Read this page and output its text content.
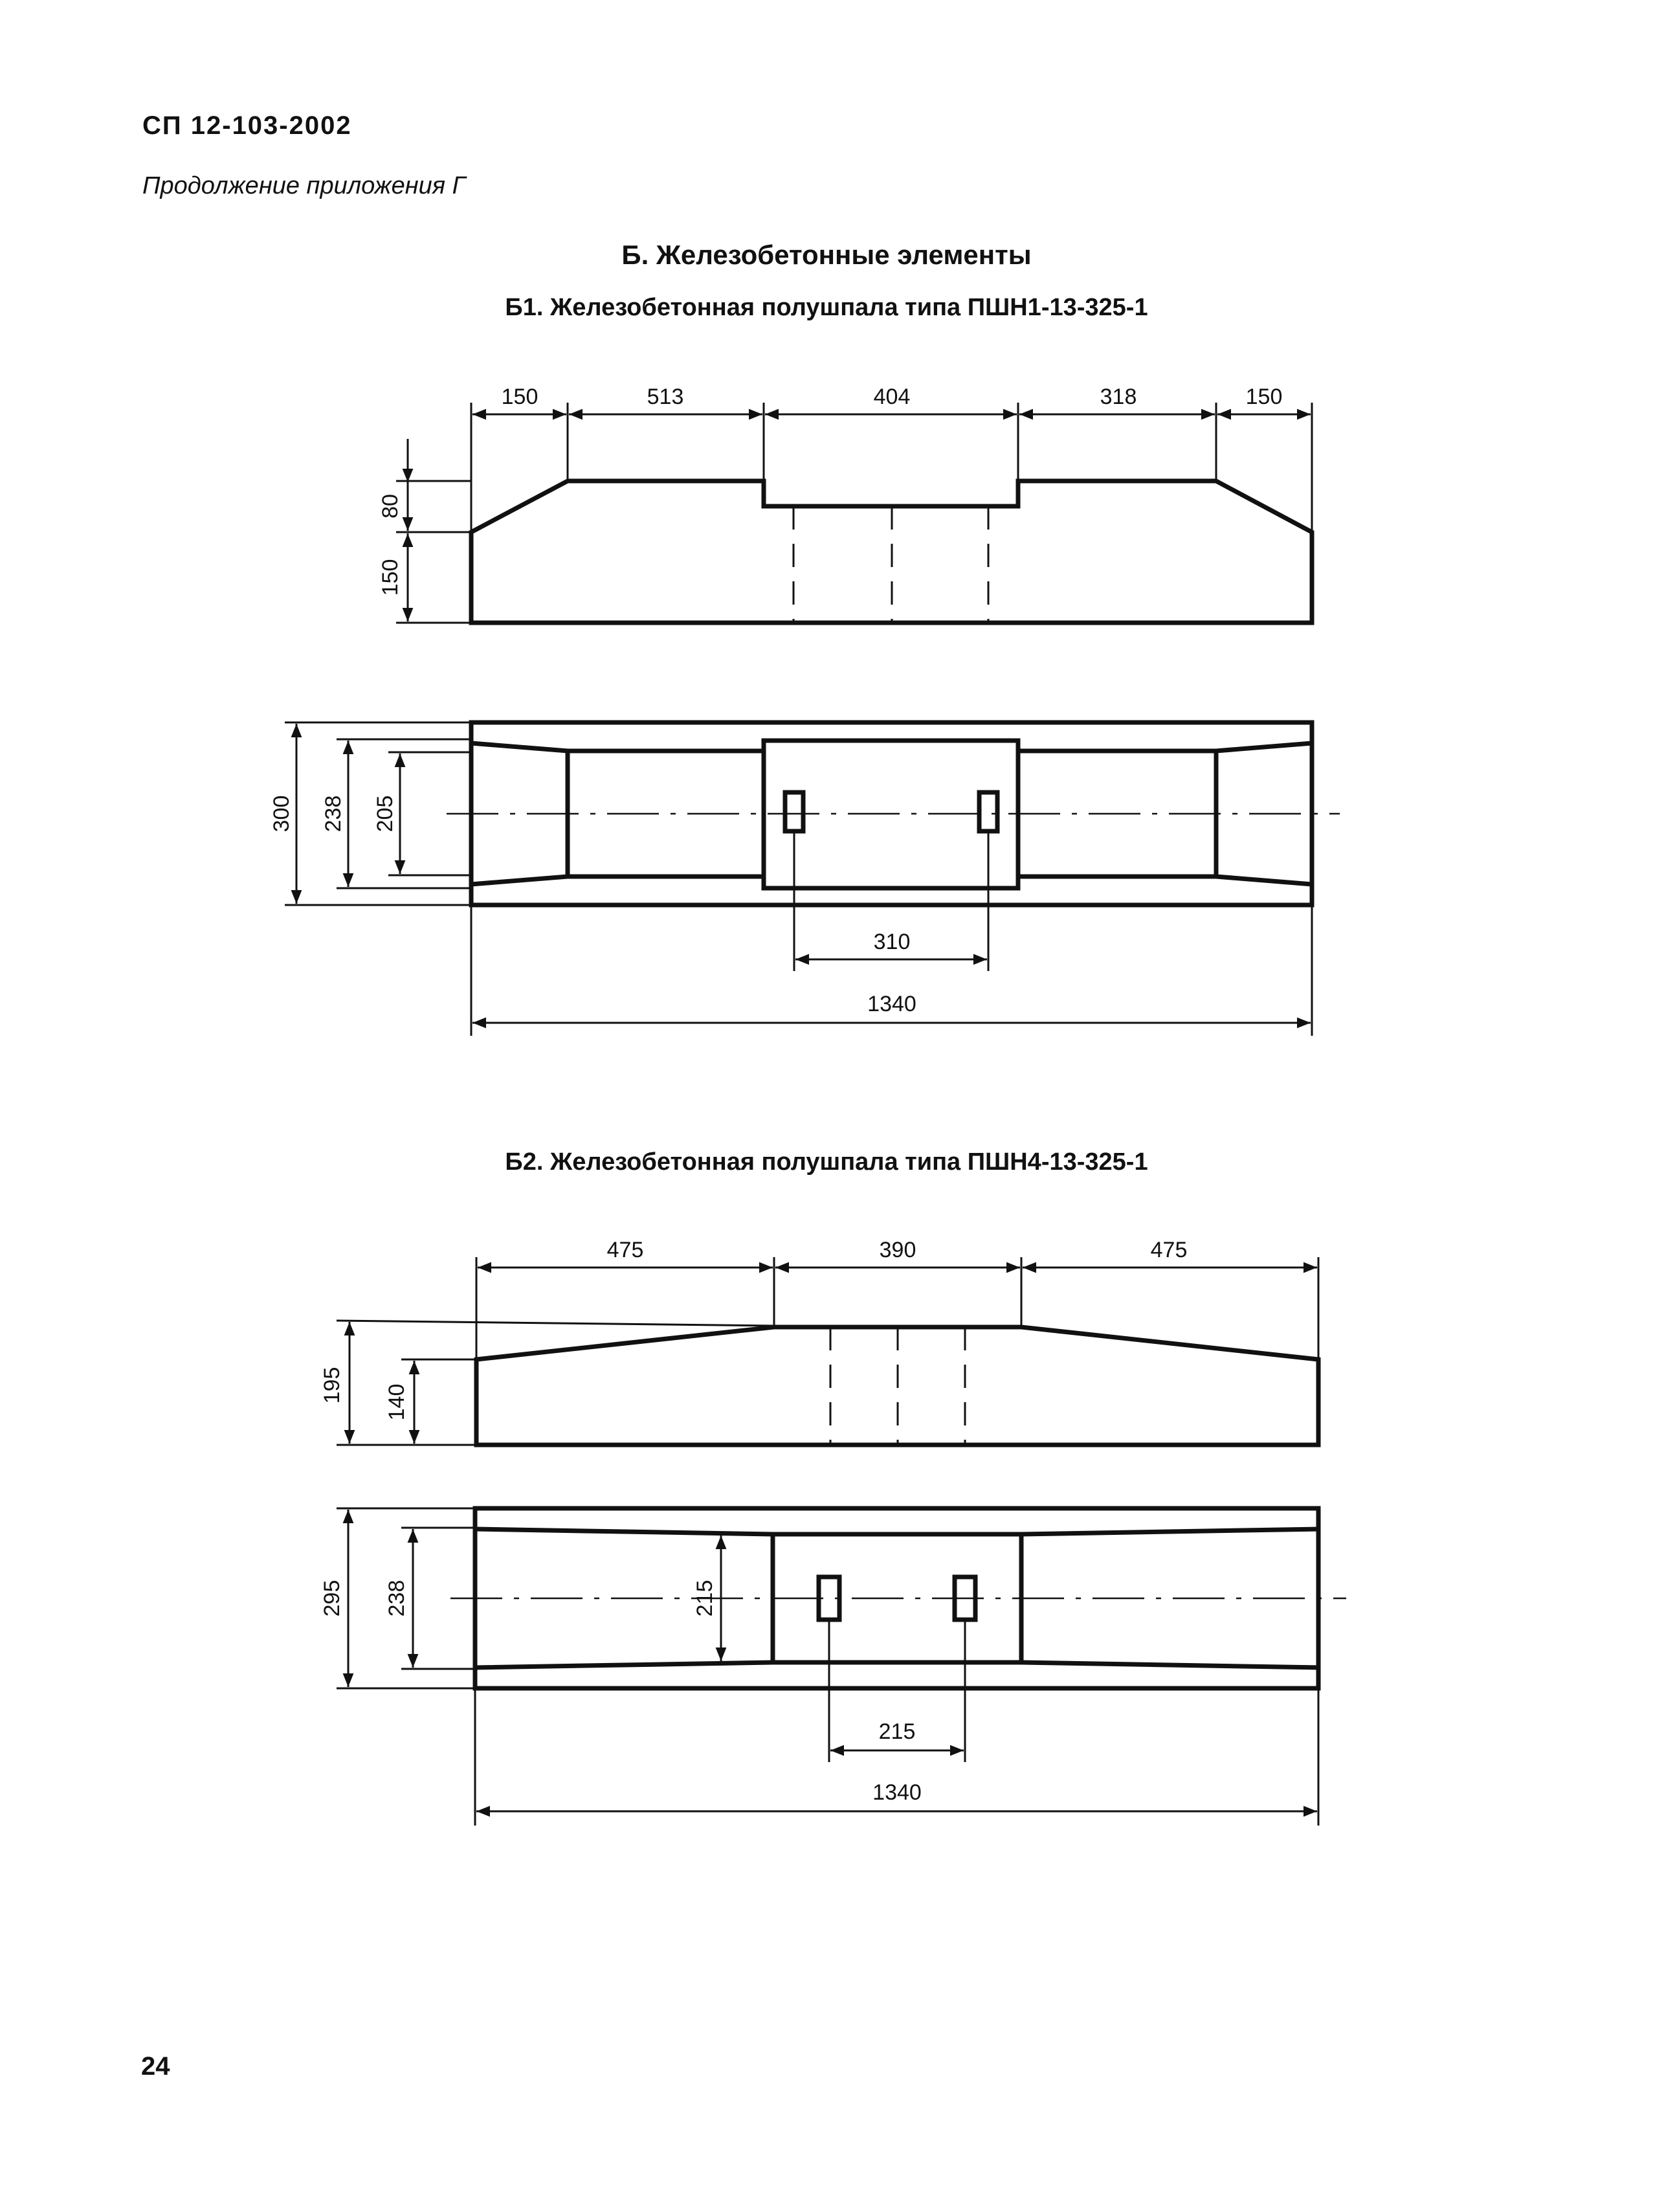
СП 12-103-2002
Продолжение приложения Г
Б. Железобетонные элементы
Б1. Железобетонная полушпала типа ПШН1-13-325-1
Б2. Железобетонная полушпала типа ПШН4-13-325-1
24
150	513	404	318	150
80
150
300 238 205
310
1340
475	390	475
195 140
295 238	215
215
1340
